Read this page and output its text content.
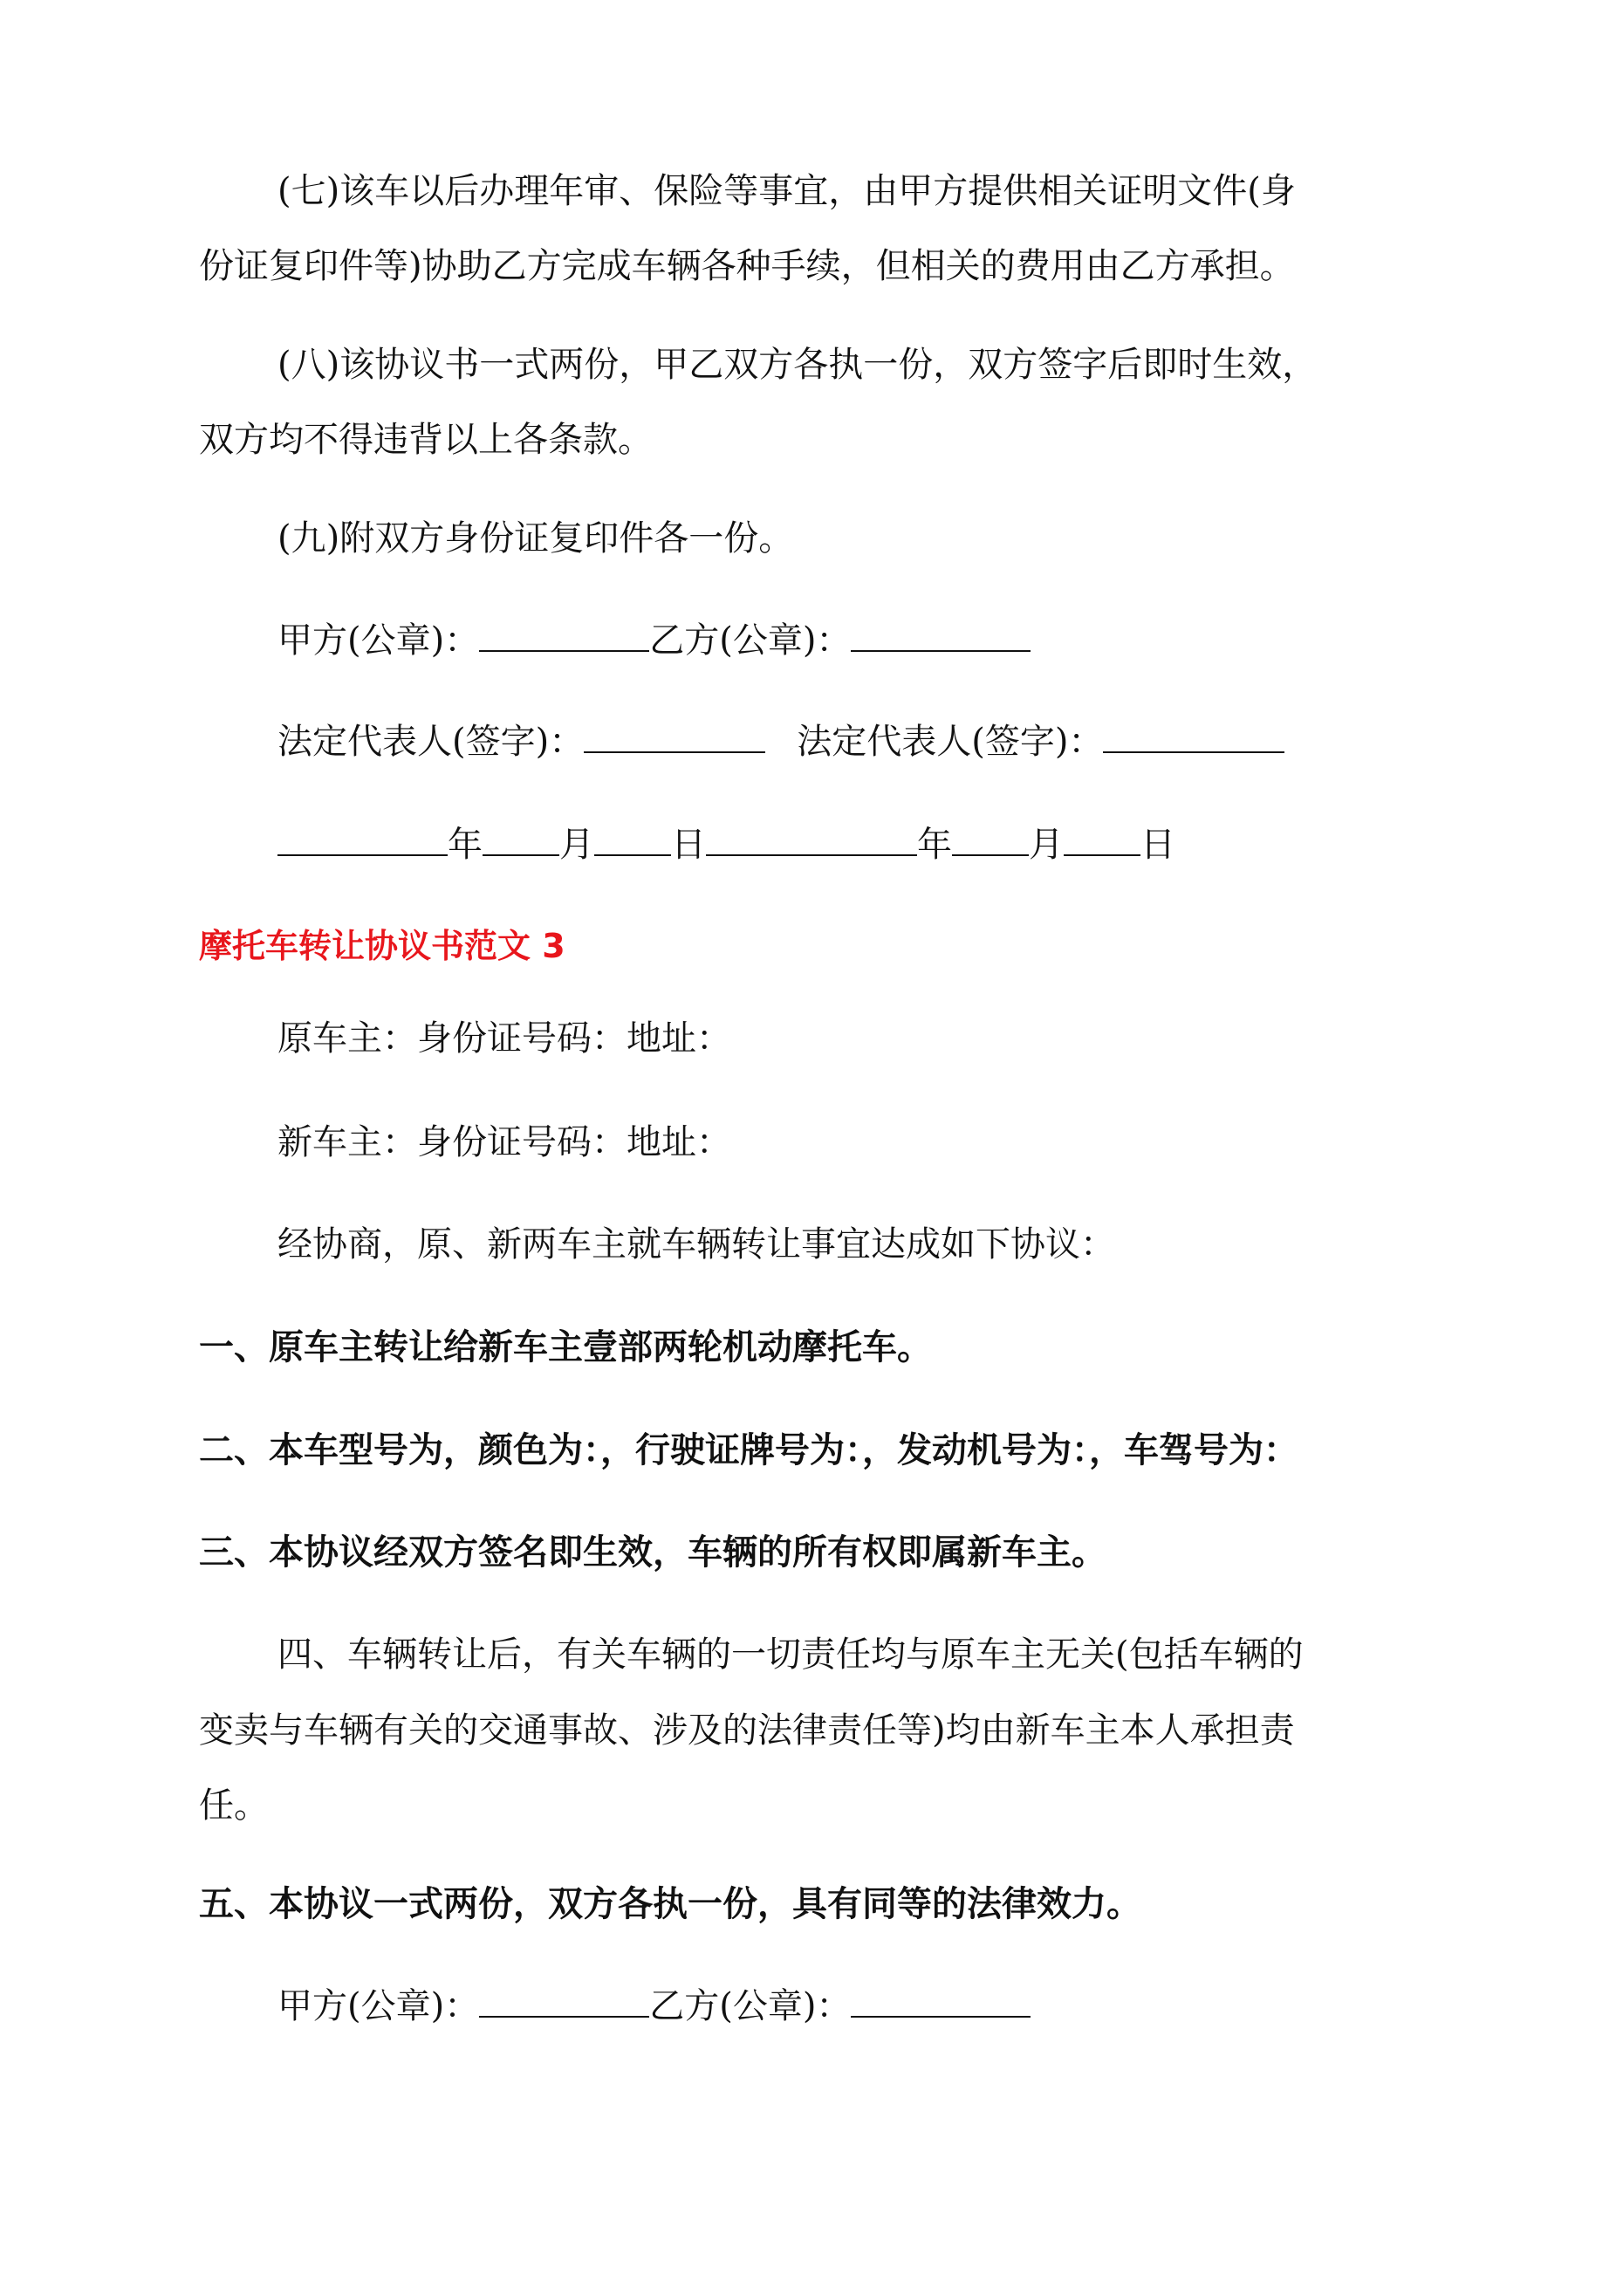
(七)该车以后办理年审、保险等事宜，由甲方提供相关证明文件(身
份证复印件等)协助乙方完成车辆各种手续，但相关的费用由乙方承担。
(八)该协议书一式两份，甲乙双方各执一份，双方签字后即时生效，
双方均不得违背以上各条款。
(九)附双方身份证复印件各一份。
甲方(公章)：	乙方(公章)：
法定代表人(签字)：	法定代表人(签字)：
年 月 日	年 月 日
摩托车转让协议书范文 3
原车主：身份证号码：地址：
新车主：身份证号码：地址：
经协商，原、新两车主就车辆转让事宜达成如下协议：
一、原车主转让给新车主壹部两轮机动摩托车。
二、本车型号为，颜色为：，行驶证牌号为：，发动机号为：，车驾号为：
三、本协议经双方签名即生效，车辆的所有权即属新车主。
四、车辆转让后，有关车辆的一切责任均与原车主无关(包括车辆的
变卖与车辆有关的交通事故、涉及的法律责任等)均由新车主本人承担责
任。
五、本协议一式两份，双方各执一份，具有同等的法律效力。
甲方(公章)：	乙方(公章)：
